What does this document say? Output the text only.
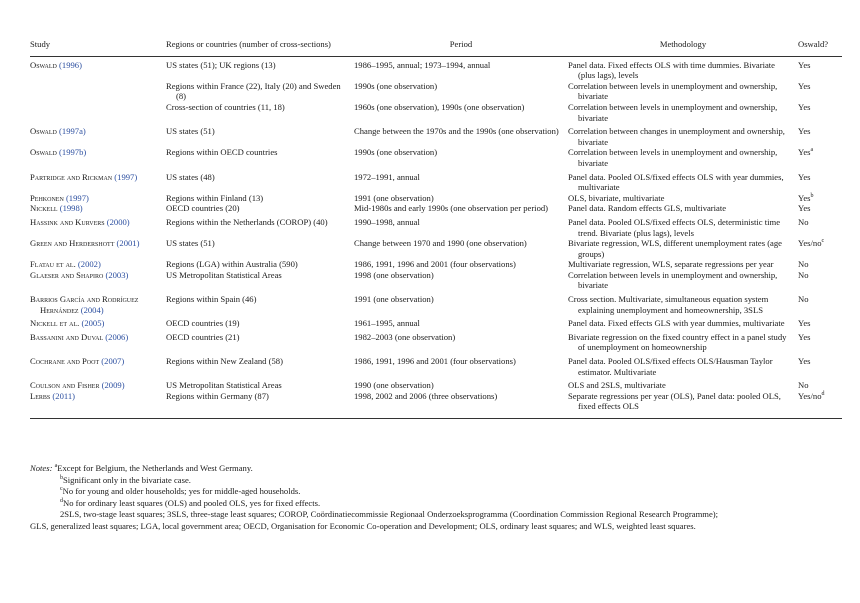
Study	Regions or countries (number of cross-sections)	Period	Methodology	Oswald?

Oswald (1996)	US states (51); UK regions (13)	1986–1995, annual; 1973–1994, annual	Panel data. Fixed effects OLS with time dummies. Bivariate (plus lags), levels	Yes

	Regions within France (22), Italy (20) and Sweden (8)	1990s (one observation)	Correlation between levels in unemployment and ownership, bivariate	Yes

	Cross-section of countries (11, 18)	1960s (one observation), 1990s (one observation)	Correlation between levels in unemployment and ownership, bivariate	Yes

Oswald (1997a)	US states (51)	Change between the 1970s and the 1990s (one observation)	Correlation between changes in unemployment and ownership, bivariate	Yes

Oswald (1997b)	Regions within OECD countries	1990s (one observation)	Correlation between levels in unemployment and ownership, bivariate	Yes$^a$

Partridge and Rickman (1997)	US states (48)	1972–1991, annual	Panel data. Pooled OLS/fixed effects OLS with year dummies, multivariate	Yes

Pehkonen (1997)	Regions within Finland (13)	1991 (one observation)	OLS, bivariate, multivariate	Yes$^b$

Nickell (1998)	OECD countries (20)	Mid-1980s and early 1990s (one observation per period)	Panel data. Random effects GLS, multivariate	Yes

Hassink and Kurvers (2000)	Regions within the Netherlands (COROP) (40)	1990–1998, annual	Panel data. Pooled OLS/fixed effects OLS, deterministic time trend. Bivariate (plus lags), levels	No

Green and Herdershott (2001)	US states (51)	Change between 1970 and 1990 (one observation)	Bivariate regression, WLS, different unemployment rates (age groups)	Yes/$no^c$

Flatau et al. (2002)	Regions (LGA) within Australia (590)	1986, 1991, 1996 and 2001 (four observations)	Multivariate regression, WLS, separate regressions per year	No

Glaeser and Shapiro (2003)	US Metropolitan Statistical Areas	1998 (one observation)	Correlation between levels in unemployment and ownership, bivariate	No

Barrios García and Rodríguez Hernández (2004)	Regions within Spain (46)	1991 (one observation)	Cross section. Multivariate, simultaneous equation system explaining unemployment and homeownership, 3SLS	No

Nickell et al. (2005)	OECD countries (19)	1961–1995, annual	Panel data. Fixed effects GLS with year dummies, multivariate	Yes

Bassanini and Duval (2006)	OECD countries (21)	1982–2003 (one observation)	Bivariate regression on the fixed country effect in a panel study of unemployment on homeownership	Yes

Cochrane and Poot (2007)	Regions within New Zealand (58)	1986, 1991, 1996 and 2001 (four observations)	Panel data. Pooled OLS/fixed effects OLS/Hausman Taylor estimator. Multivariate	Yes

Coulson and Fisher (2009)	US Metropolitan Statistical Areas	1990 (one observation)	OLS and 2SLS, multivariate	No

Lerbs (2011)	Regions within Germany (87)	1998, 2002 and 2006 (three observations)	Separate regressions per year (OLS), Panel data: pooled OLS, fixed effects OLS	Yes/$no^d$
Notes: $^a$Except for Belgium, the Netherlands and West Germany.
$^b$Significant only in the bivariate case.
$^c$No for young and older households; yes for middle-aged households.
$^d$No for ordinary least squares (OLS) and pooled OLS, yes for fixed effects.
2SLS, two-stage least squares; 3SLS, three-stage least squares; COROP, Coördinatiecommissie Regionaal Onderzoeksprogramma (Coordination Commission Regional Research Programme);
GLS, generalized least squares; LGA, local government area; OECD, Organisation for Economic Co-operation and Development; OLS, ordinary least squares; and WLS, weighted least squares.
